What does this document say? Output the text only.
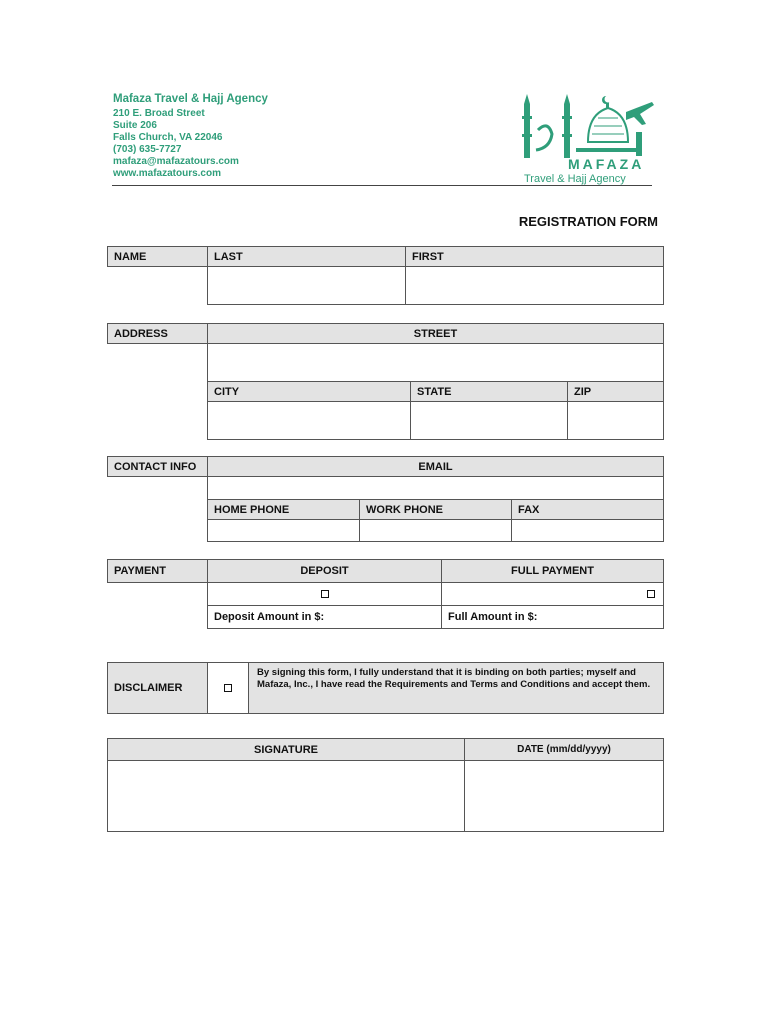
Mafaza Travel & Hajj Agency
210 E. Broad Street
Suite 206
Falls Church, VA 22046
(703) 635-7727
mafaza@mafazatours.com
www.mafazatours.com
MAFAZA
Travel & Hajj Agency
REGISTRATION FORM
NAME	LAST	FIRST
ADDRESS	STREET
CITY	STATE	ZIP
CONTACT INFO	EMAIL
HOME PHONE	WORK PHONE	FAX
PAYMENT	DEPOSIT	FULL PAYMENT
Deposit Amount in $:	Full Amount in $:
DISCLAIMER
By signing this form, I fully understand that it is binding on both parties; myself and Mafaza, Inc., I have read the Requirements and Terms and Conditions and accept them.
SIGNATURE	DATE (mm/dd/yyyy)
